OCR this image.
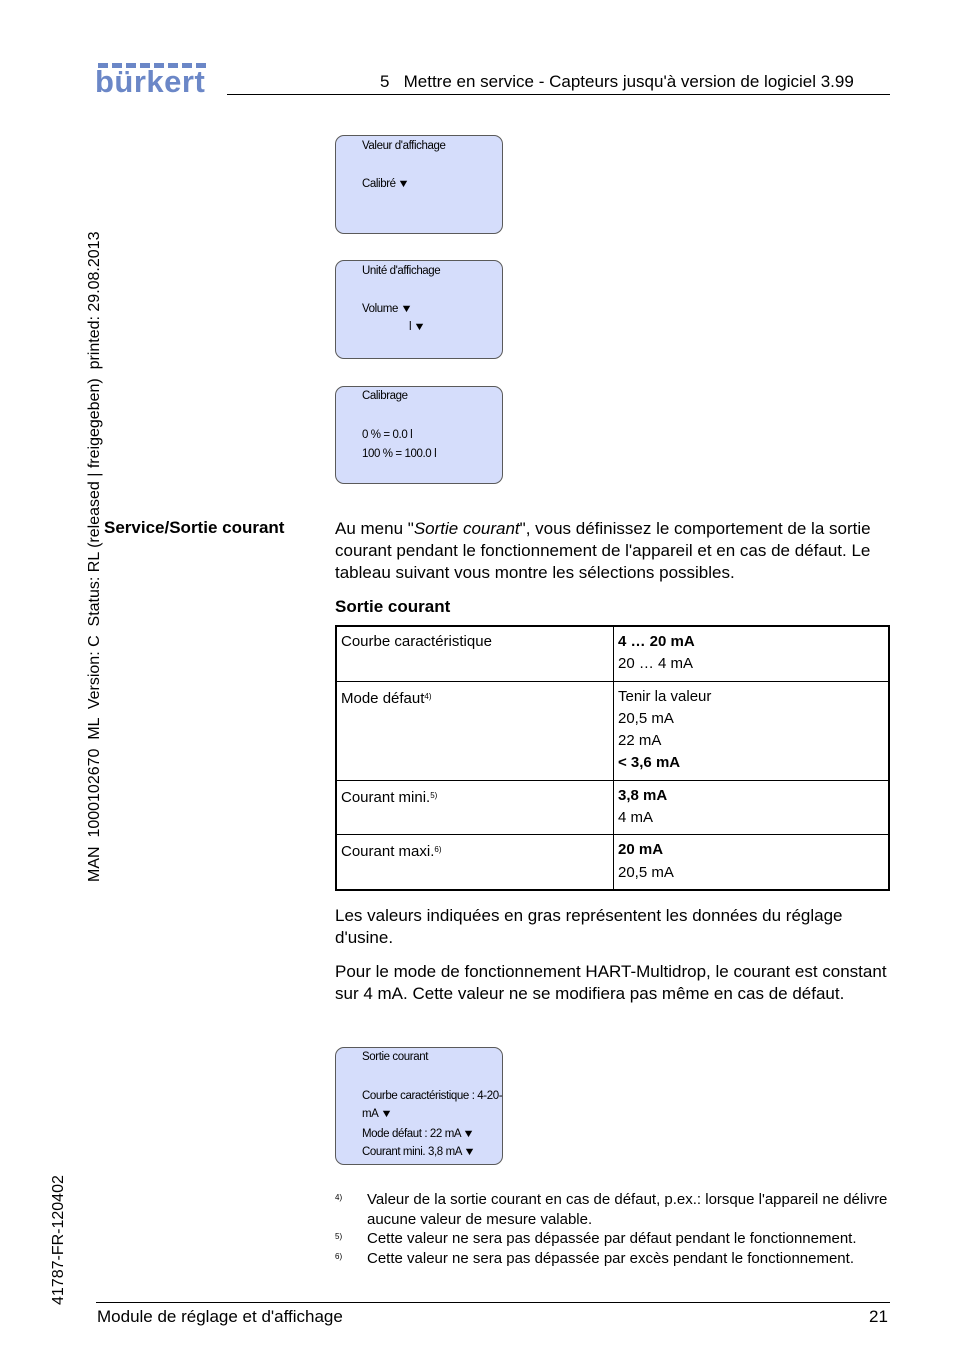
bürkert	5   Mettre en service - Capteurs jusqu'à version de logiciel 3.99
MAN  1000102670  ML  Version: C  Status: RL (released | freigegeben)  printed: 29.08.2013
41787-FR-120402
Valeur d'affichage
Calibré ▼
Unité d'affichage
Volume ▼
l ▼
Calibrage
0 % = 0.0 l
100 % = 100.0 l
Service/Sortie courant	Au menu "Sortie courant", vous définissez le comportement de la sortie courant pendant le fonctionnement de l'appareil et en cas de défaut. Le tableau suivant vous montre les sélections possibles.
Sortie courant
Courbe caractéristique	4 … 20 mA
20 … 4 mA

Mode défaut$^{4)}$	Tenir la valeur
20,5 mA
22 mA
< 3,6 mA

Courant mini.$^{5)}$	3,8 mA
4 mA

Courant maxi.$^{6)}$	20 mA
20,5 mA
Les valeurs indiquées en gras représentent les données du réglage d'usine.
Pour le mode de fonctionnement HART-Multidrop, le courant est constant sur 4 mA. Cette valeur ne se modifiera pas même en cas de défaut.
Sortie courant
Courbe caractéristique : 4-20-
mA ▼
Mode défaut : 22 mA ▼
Courant mini. 3,8 mA ▼
4) Valeur de la sortie courant en cas de défaut, p.ex.: lorsque l'appareil ne délivre aucune valeur de mesure valable.
5) Cette valeur ne sera pas dépassée par défaut pendant le fonctionnement.
6) Cette valeur ne sera pas dépassée par excès pendant le fonctionnement.
Module de réglage et d'affichage	21
